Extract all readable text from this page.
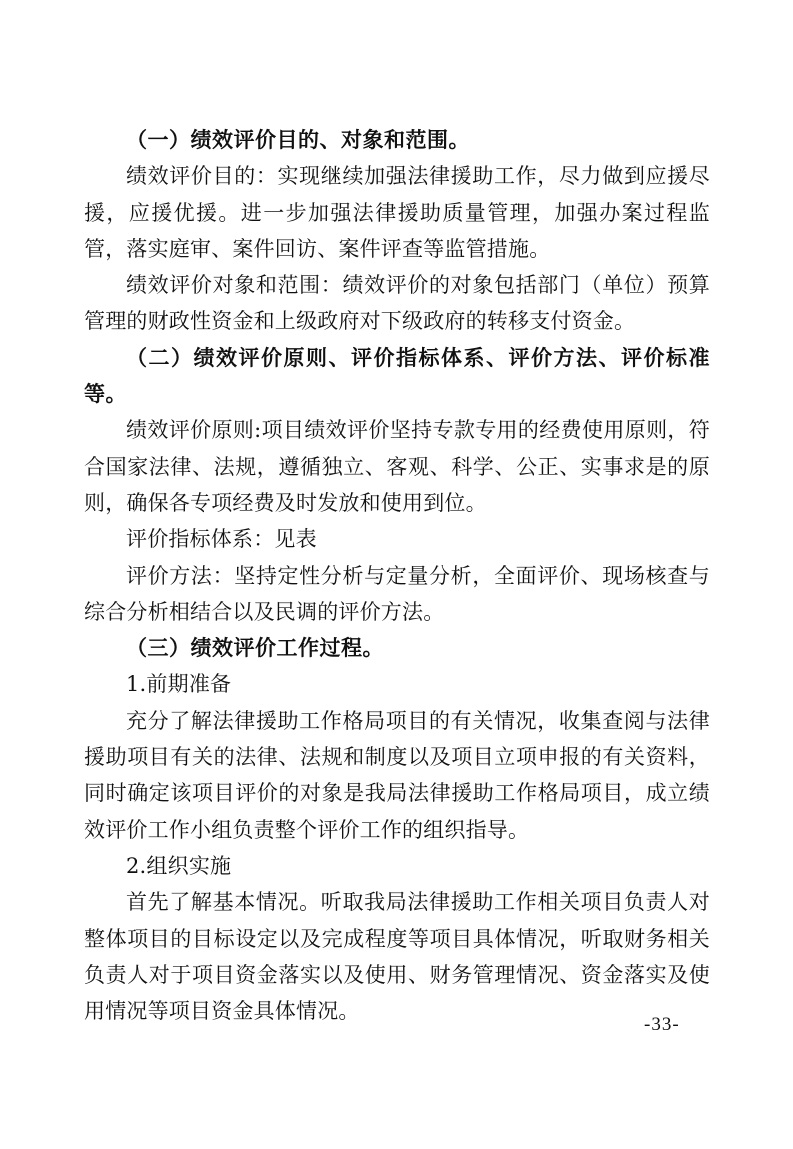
（一）绩效评价目的、对象和范围。

绩效评价目的：实现继续加强法律援助工作，尽力做到应援尽援，应援优援。进一步加强法律援助质量管理，加强办案过程监管，落实庭审、案件回访、案件评查等监管措施。

绩效评价对象和范围：绩效评价的对象包括部门（单位）预算管理的财政性资金和上级政府对下级政府的转移支付资金。

（二）绩效评价原则、评价指标体系、评价方法、评价标准等。

绩效评价原则:项目绩效评价坚持专款专用的经费使用原则，符合国家法律、法规，遵循独立、客观、科学、公正、实事求是的原则，确保各专项经费及时发放和使用到位。

评价指标体系：见表

评价方法：坚持定性分析与定量分析，全面评价、现场核查与综合分析相结合以及民调的评价方法。

（三）绩效评价工作过程。

1.前期准备

充分了解法律援助工作格局项目的有关情况，收集查阅与法律援助项目有关的法律、法规和制度以及项目立项申报的有关资料，同时确定该项目评价的对象是我局法律援助工作格局项目，成立绩效评价工作小组负责整个评价工作的组织指导。

2.组织实施

首先了解基本情况。听取我局法律援助工作相关项目负责人对整体项目的目标设定以及完成程度等项目具体情况，听取财务相关负责人对于项目资金落实以及使用、财务管理情况、资金落实及使用情况等项目资金具体情况。

-33-
